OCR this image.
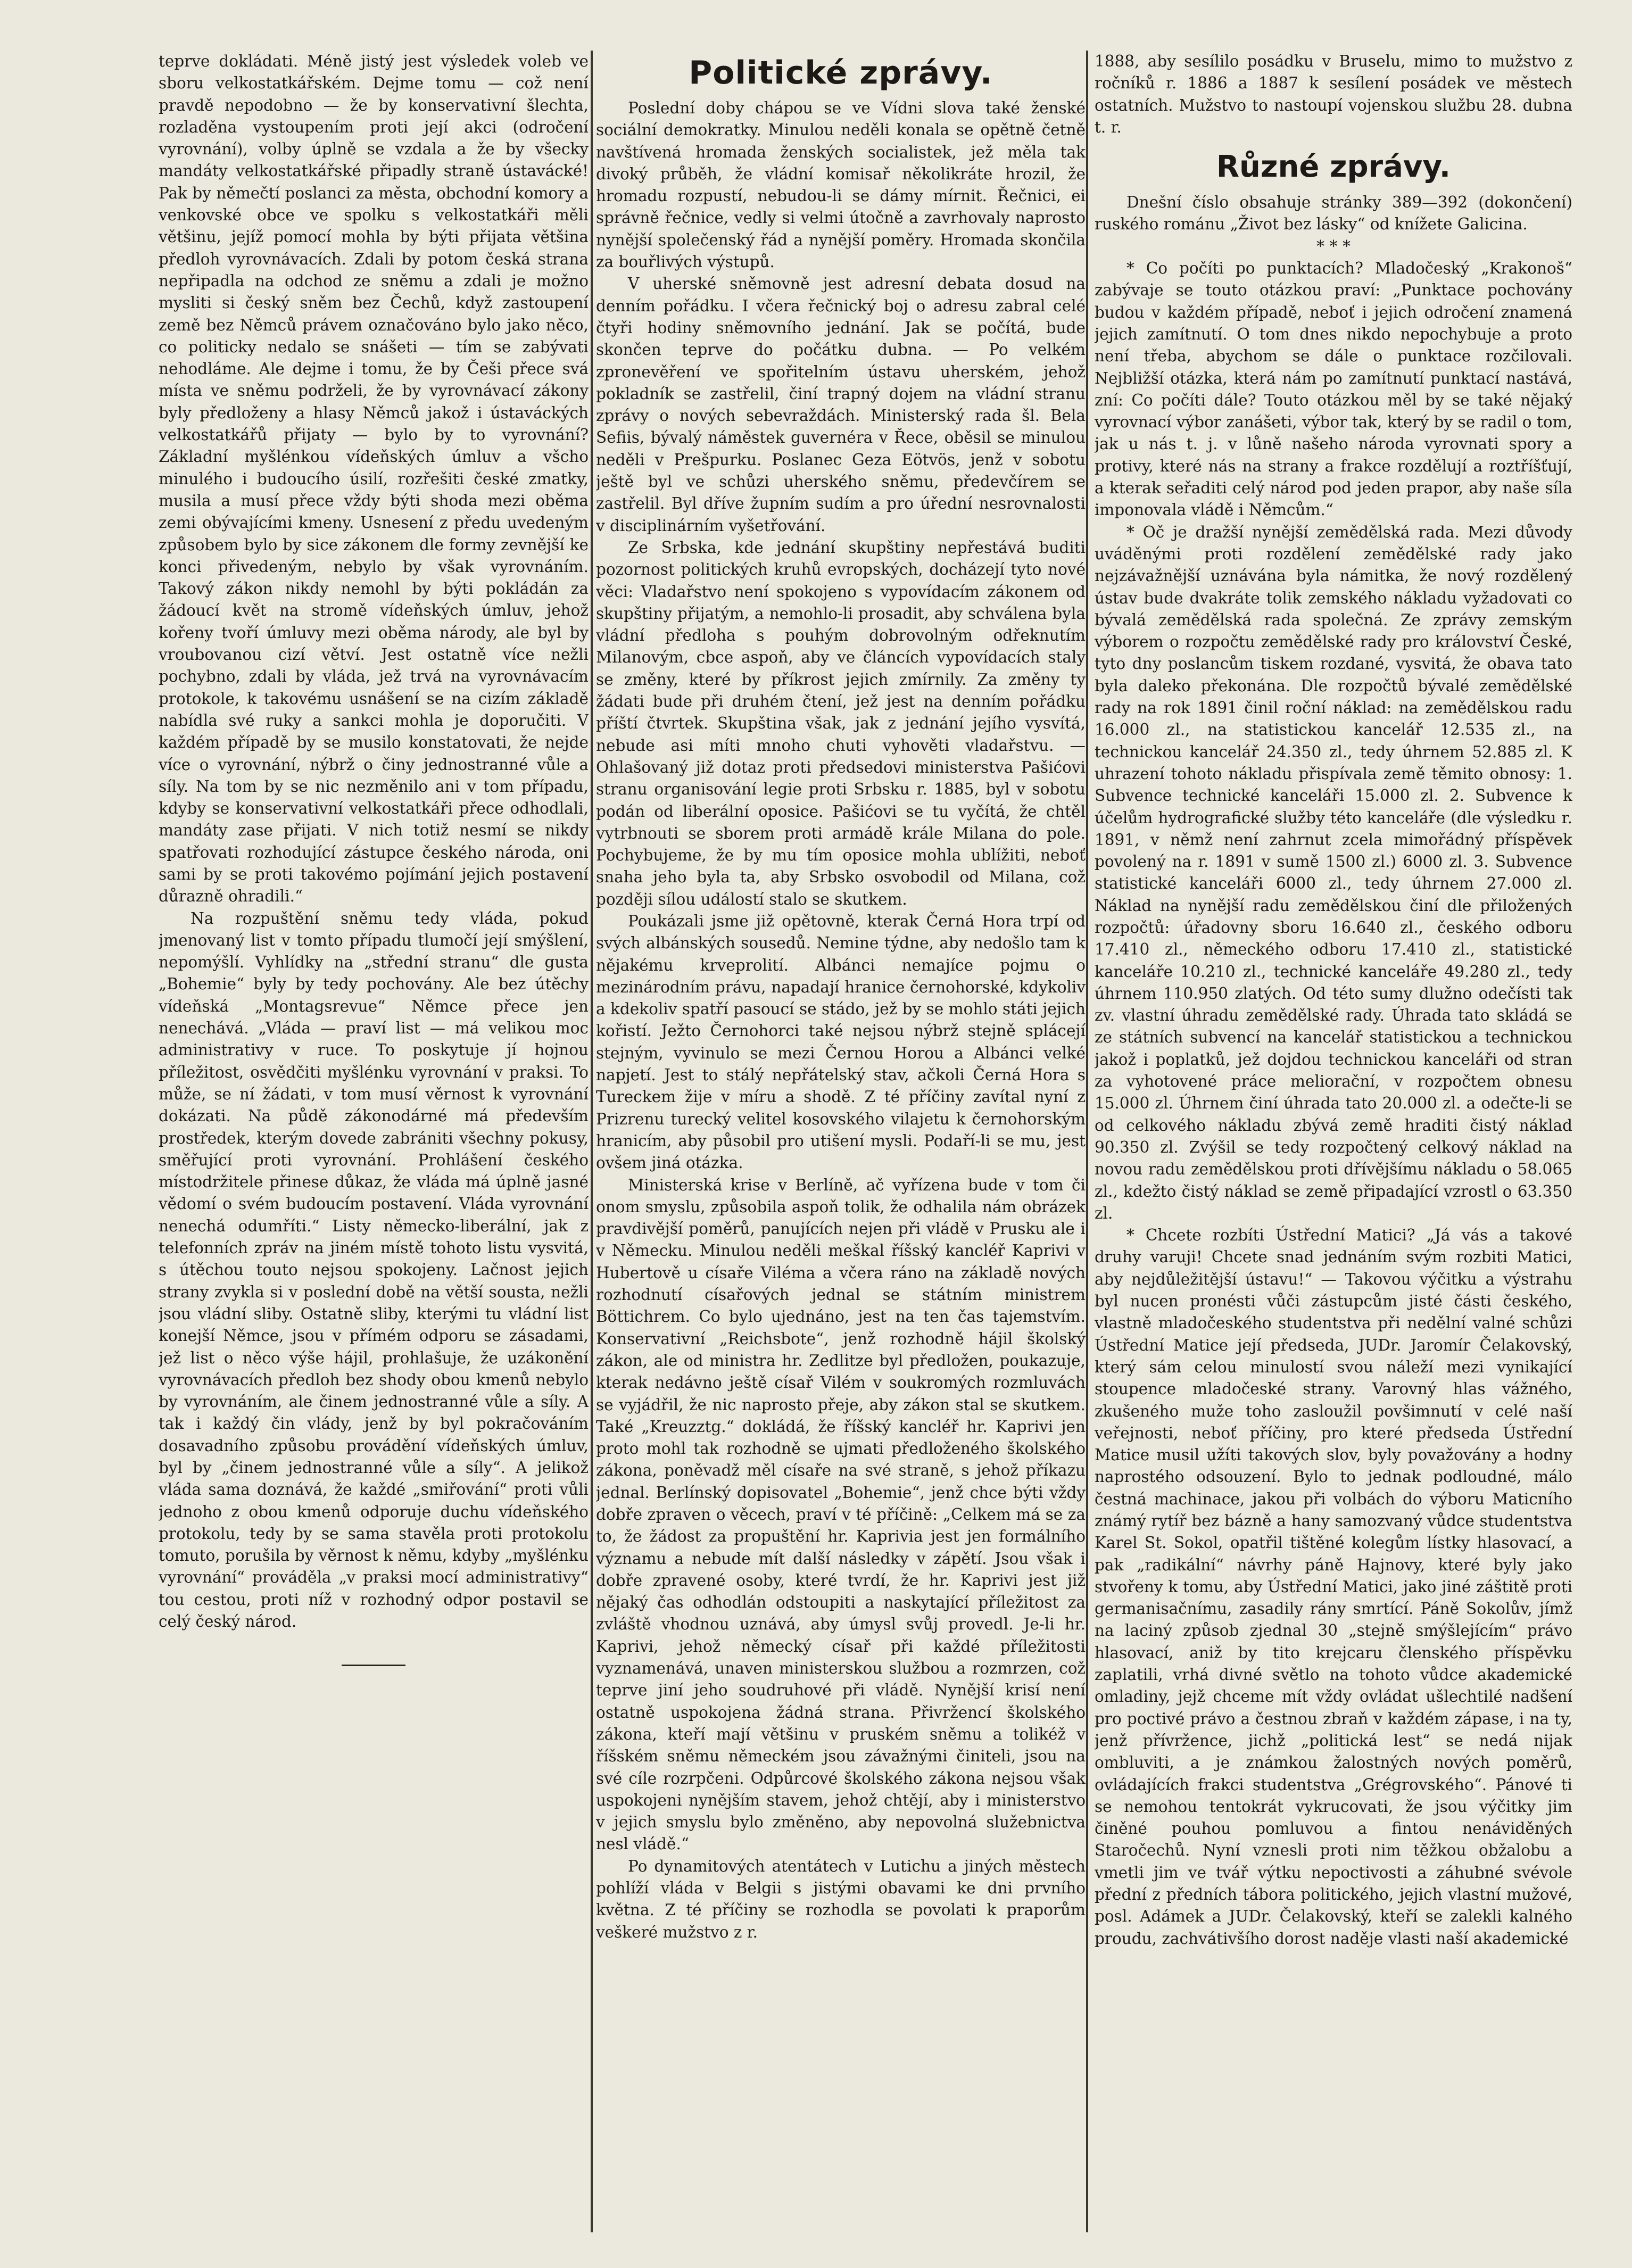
teprve dokládati. Méně jistý jest výsledek voleb ve sboru velkostatkářském. Dejme tomu — což není pravdě nepodobno — že by konservativní šlechta, rozladěna vystoupením proti její akci (odročení vyrovnání), volby úplně se vzdala a že by všecky mandáty velkostatkářské připadly straně ústavácké! Pak by němečtí poslanci za města, obchodní komory a venkovské obce ve spolku s velkostatkáři měli většinu, jejíž pomocí mohla by býti přijata většina předloh vyrovnávacích. Zdali by potom česká strana nepřipadla na odchod ze sněmu a zdali je možno mysliti si český sněm bez Čechů, když zastoupení země bez Němců právem označováno bylo jako něco, co politicky nedalo se snášeti — tím se zabývati nehodláme. Ale dejme i tomu, že by Češi přece svá místa ve sněmu podrželi, že by vyrovnávací zákony byly předloženy a hlasy Němců jakož i ústaváckých velkostatkářů přijaty — bylo by to vyrovnání? Základní myšlénkou vídeňských úmluv a všcho minulého i budoucího úsilí, rozřešiti české zmatky, musila a musí přece vždy býti shoda mezi oběma zemi obývajícími kmeny. Usnesení z předu uvedeným způsobem bylo by sice zákonem dle formy zevnější ke konci přivedeným, nebylo by však vyrovnáním. Takový zákon nikdy nemohl by býti pokládán za žádoucí květ na stromě vídeňských úmluv, jehož kořeny tvoří úmluvy mezi oběma národy, ale byl by vroubovanou cizí větví. Jest ostatně více nežli pochybno, zdali by vláda, jež trvá na vyrovnávacím protokole, k takovému usnášení se na cizím základě nabídla své ruky a sankci mohla je doporučiti. V každém případě by se musilo konstatovati, že nejde více o vyrovnání, nýbrž o činy jednostranné vůle a síly. Na tom by se nic nezměnilo ani v tom případu, kdyby se konservativní velkostatkáři přece odhodlali, mandáty zase přijati. V nich totiž nesmí se nikdy spatřovati rozhodující zástupce českého národa, oni sami by se proti takovémo pojímání jejich postavení důrazně ohradili.“

Na rozpuštění sněmu tedy vláda, pokud jmenovaný list v tomto případu tlumočí její smýšlení, nepomýšlí. Vyhlídky na „střední stranu“ dle gusta „Bohemie“ byly by tedy pochovány. Ale bez útěchy vídeňská „Montagsrevue“ Němce přece jen nenechává. „Vláda — praví list — má velikou moc administrativy v ruce. To poskytuje jí hojnou příležitost, osvědčiti myšlénku vyrovnání v praksi. To může, se ní žádati, v tom musí věrnost k vyrovnání dokázati. Na půdě zákonodárné má především prostředek, kterým dovede zabrániti všechny pokusy, směřující proti vyrovnání. Prohlášení českého místodržitele přinese důkaz, že vláda má úplně jasné vědomí o svém budoucím postavení. Vláda vyrovnání nenechá odumříti.“ Listy německo-liberální, jak z telefonních zpráv na jiném místě tohoto listu vysvitá, s útěchou touto nejsou spokojeny. Lačnost jejich strany zvykla si v poslední době na větší sousta, nežli jsou vládní sliby. Ostatně sliby, kterými tu vládní list konejší Němce, jsou v přímém odporu se zásadami, jež list o něco výše hájil, prohlašuje, že uzákonění vyrovnávacích předloh bez shody obou kmenů nebylo by vyrovnáním, ale činem jednostranné vůle a síly. A tak i každý čin vlády, jenž by byl pokračováním dosavadního způsobu provádění vídeňských úmluv, byl by „činem jednostranné vůle a síly“. A jelikož vláda sama doznává, že každé „smiřování“ proti vůli jednoho z obou kmenů odporuje duchu vídeňského protokolu, tedy by se sama stavěla proti protokolu tomuto, porušila by věrnost k němu, kdyby „myšlénku vyrovnání“ prováděla „v praksi mocí administrativy“ tou cestou, proti níž v rozhodný odpor postavil se celý český národ.

Politické zprávy.

Poslední doby chápou se ve Vídni slova také ženské sociální demokratky. Minulou neděli konala se opětně četně navštívená hromada ženských socialistek, jež měla tak divoký průběh, že vládní komisař několikráte hrozil, že hromadu rozpustí, nebudou-li se dámy mírnit. Řečnici, ei správně řečnice, vedly si velmi útočně a zavrhovaly naprosto nynější společenský řád a nynější poměry. Hromada skončila za bouřlivých výstupů.

V uherské sněmovně jest adresní debata dosud na denním pořádku. I včera řečnický boj o adresu zabral celé čtyři hodiny sněmovního jednání. Jak se počítá, bude skončen teprve do počátku dubna. — Po velkém zpronevěření ve spořitelním ústavu uherském, jehož pokladník se zastřelil, činí trapný dojem na vládní stranu zprávy o nových sebevraždách. Ministerský rada šl. Bela Sefiis, bývalý náměstek guvernéra v Řece, oběsil se minulou neděli v Prešpurku. Poslanec Geza Eötvös, jenž v sobotu ještě byl ve schůzi uherského sněmu, předevčírem se zastřelil. Byl dříve župním sudím a pro úřední nesrovnalosti v disciplinárním vyšetřování.

Ze Srbska, kde jednání skupštiny nepřestává buditi pozornost politických kruhů evropských, docházejí tyto nové věci: Vladařstvo není spokojeno s vypovídacím zákonem od skupštiny přijatým, a nemohlo-li prosadit, aby schválena byla vládní předloha s pouhým dobrovolným odřeknutím Milanovým, cbce aspoň, aby ve článcích vypovídacích staly se změny, které by příkrost jejich zmírnily. Za změny ty žádati bude při druhém čtení, jež jest na denním pořádku příští čtvrtek. Skupština však, jak z jednání jejího vysvítá, nebude asi míti mnoho chuti vyhověti vladařstvu. — Ohlašovaný již dotaz proti předsedovi ministerstva Pašićovi stranu organisování legie proti Srbsku r. 1885, byl v sobotu podán od liberální oposice. Pašićovi se tu vyčítá, že chtěl vytrbnouti se sborem proti armádě krále Milana do pole. Pochybujeme, že by mu tím oposice mohla ublížiti, neboť snaha jeho byla ta, aby Srbsko osvobodil od Milana, což později sílou událostí stalo se skutkem.

Poukázali jsme již opětovně, kterak Černá Hora trpí od svých albánských sousedů. Nemine týdne, aby nedošlo tam k nějakému krveprolití. Albánci nemajíce pojmu o mezinárodním právu, napadají hranice černohorské, kdykoliv a kdekoliv spatří pasoucí se stádo, jež by se mohlo státi jejich kořistí. Ježto Černohorci také nejsou nýbrž stejně splácejí stejným, vyvinulo se mezi Černou Horou a Albánci velké napjetí. Jest to stálý nepřátelský stav, ačkoli Černá Hora s Tureckem žije v míru a shodě. Z té příčiny zavítal nyní z Prizrenu turecký velitel kosovského vilajetu k černohorským hranicím, aby působil pro utišení mysli. Podaří-li se mu, jest ovšem jiná otázka.

Ministerská krise v Berlíně, ač vyřízena bude v tom či onom smyslu, způsobila aspoň tolik, že odhalila nám obrázek pravdivější poměrů, panujících nejen při vládě v Prusku ale i v Německu. Minulou neděli meškal říšský kancléř Kaprivi v Hubertově u císaře Viléma a včera ráno na základě nových rozhodnutí císařových jednal se státním ministrem Böttichrem. Co bylo ujednáno, jest na ten čas tajemstvím. Konservativní „Reichsbote“, jenž rozhodně hájil školský zákon, ale od ministra hr. Zedlitze byl předložen, poukazuje, kterak nedávno ještě císař Vilém v soukromých rozmluvách se vyjádřil, že nic naprosto přeje, aby zákon stal se skutkem. Také „Kreuzztg.“ dokládá, že říšský kancléř hr. Kaprivi jen proto mohl tak rozhodně se ujmati předloženého školského zákona, poněvadž měl císaře na své straně, s jehož příkazu jednal. Berlínský dopisovatel „Bohemie“, jenž chce býti vždy dobře zpraven o věcech, praví v té příčině: „Celkem má se za to, že žádost za propuštění hr. Kapriviа jest jen formálního významu a nebude mít další následky v zápětí. Jsou však i dobře zpravené osoby, které tvrdí, že hr. Kaprivi jest již nějaký čas odhodlán odstoupiti a naskytající příležitost za zvláště vhodnou uznává, aby úmysl svůj provedl. Je-li hr. Kaprivi, jehož německý císař při každé příležitosti vyznamenává, unaven ministerskou službou a rozmrzen, což teprve jiní jeho soudruhové při vládě. Nynější krisí není ostatně uspokojena žádná strana. Přivržencí školského zákona, kteří mají většinu v pruském sněmu a tolikéž v říšském sněmu německém jsou závažnými činiteli, jsou na své cíle rozrpčeni. Odpůrcové školského zákona nejsou však uspokojeni nynějším stavem, jehož chtějí, aby i ministerstvo v jejich smyslu bylo změněno, aby nepovolná služebnictva nesl vládě.“

Po dynamitových atentátech v Lutichu a jiných městech pohlíží vláda v Belgii s jistými obavami ke dni prvního května. Z té příčiny se rozhodla se povolati k praporům veškeré mužstvo z r.

1888, aby sesílilo posádku v Bruselu, mimo to mužstvo z ročníků r. 1886 a 1887 k sesílení posádek ve městech ostatních. Mužstvo to nastoupí vojenskou službu 28. dubna t. r.

Různé zprávy.

Dnešní číslo obsahuje stránky 389—392 (dokončení) ruského románu „Život bez lásky“ od knížete Galicina.

* * *

* Co počíti po punktacích? Mladočeský „Krakonoš“ zabývaje se touto otázkou praví: „Punktace pochovány budou v každém případě, neboť i jejich odročení znamená jejich zamítnutí. O tom dnes nikdo nepochybuje a proto není třeba, abychom se dále o punktace rozčilovali. Nejbližší otázka, která nám po zamítnutí punktací nastává, zní: Co počíti dále? Touto otázkou měl by se také nějaký vyrovnací výbor zanášeti, výbor tak, který by se radil o tom, jak u nás t. j. v lůně našeho národa vyrovnati spory a protivy, které nás na strany a frakce rozdělují a roztříšťují, a kterak seřaditi celý národ pod jeden prapor, aby naše síla imponovala vládě i Němcům.“

* Oč je dražší nynější zemědělská rada. Mezi důvody uváděnými proti rozdělení zemědělské rady jako nejzávažnější uznávána byla námitka, že nový rozdělený ústav bude dvakráte tolik zemského nákladu vyžadovati co bývalá zemědělská rada společná. Ze zprávy zemským výborem o rozpočtu zemědělské rady pro království České, tyto dny poslancům tiskem rozdané, vysvitá, že obava tato byla daleko překonána. Dle rozpočtů bývalé zemědělské rady na rok 1891 činil roční náklad: na zemědělskou radu 16.000 zl., na statistickou kancelář 12.535 zl., na technickou kancelář 24.350 zl., tedy úhrnem 52.885 zl. K uhrazení tohoto nákladu přispívala země těmito obnosy: 1. Subvence technické kanceláři 15.000 zl. 2. Subvence k účelům hydrografické služby této kanceláře (dle výsledku r. 1891, v němž není zahrnut zcela mimořádný příspěvek povolený na r. 1891 v sumě 1500 zl.) 6000 zl. 3. Subvence statistické kanceláři 6000 zl., tedy úhrnem 27.000 zl. Náklad na nynější radu zemědělskou činí dle přiložených rozpočtů: úřadovny sboru 16.640 zl., českého odboru 17.410 zl., německého odboru 17.410 zl., statistické kanceláře 10.210 zl., technické kanceláře 49.280 zl., tedy úhrnem 110.950 zlatých. Od této sumy dlužno odečísti tak zv. vlastní úhradu zemědělské rady. Úhrada tato skládá se ze státních subvencí na kancelář statistickou a technickou jakož i poplatků, jež dojdou technickou kanceláři od stran za vyhotovené práce meliorační, v rozpočtem obnesu 15.000 zl. Úhrnem činí úhrada tato 20.000 zl. a odečte-li se od celkového nákladu zbývá země hraditi čistý náklad 90.350 zl. Zvýšil se tedy rozpočtený celkový náklad na novou radu zemědělskou proti dřívějšímu nákladu o 58.065 zl., kdežto čistý náklad se země připadající vzrostl o 63.350 zl.

* Chcete rozbíti Ústřední Matici? „Já vás a takové druhy varuji! Chcete snad jednáním svým rozbiti Matici, aby nejdůležitější ústavu!“ — Takovou výčitku a výstrahu byl nucen pronésti vůči zástupcům jisté části českého, vlastně mladočeského studentstva při nedělní valné schůzi Ústřední Matice její předseda, JUDr. Jaromír Čelakovský, který sám celou minulostí svou náleží mezi vynikající stoupence mladočeské strany. Varovný hlas vážného, zkušeného muže toho zasloužil povšimnutí v celé naší veřejnosti, neboť příčiny, pro které předseda Ústřední Matice musil užíti takových slov, byly považovány a hodny naprostého odsouzení. Bylo to jednak podloudné, málo čestná machinace, jakou při volbách do výboru Maticního známý rytíř bez bázně a hany samozvaný vůdce studentstva Karel St. Sokol, opatřil tištěné kolegům lístky hlasovací, a pak „radikální“ návrhy páně Hajnovy, které byly jako stvořeny k tomu, aby Ústřední Matici, jako jiné záštitě proti germanisačnímu, zasadily rány smrtící. Páně Sokolův, jímž na laciný způsob zjednal 30 „stejně smýšlejícím“ právo hlasovací, aniž by tito krejcaru členského příspěvku zaplatili, vrhá divné světlo na tohoto vůdce akademické omladiny, jejž chceme mít vždy ovládat ušlechtilé nadšení pro poctivé právo a čestnou zbraň v každém zápase, i na ty, jenž přívržence, jichž „politická lest“ se nedá nijak ombluviti, a je známkou žalostných nových poměrů, ovládajících frakci studentstva „Grégrovského“. Pánové ti se nemohou tentokrát vykrucovati, že jsou výčitky jim činěné pouhou pomluvou a fintou nenáviděných Staročechů. Nyní vznesli proti nim těžkou obžalobu a vmetli jim ve tvář výtku nepoctivosti a záhubné svévole přední z předních tábora politického, jejich vlastní mužové, posl. Adámek a JUDr. Čelakovský, kteří se zalekli kalného proudu, zachvátivšího dorost naděje vlasti naší akademické
